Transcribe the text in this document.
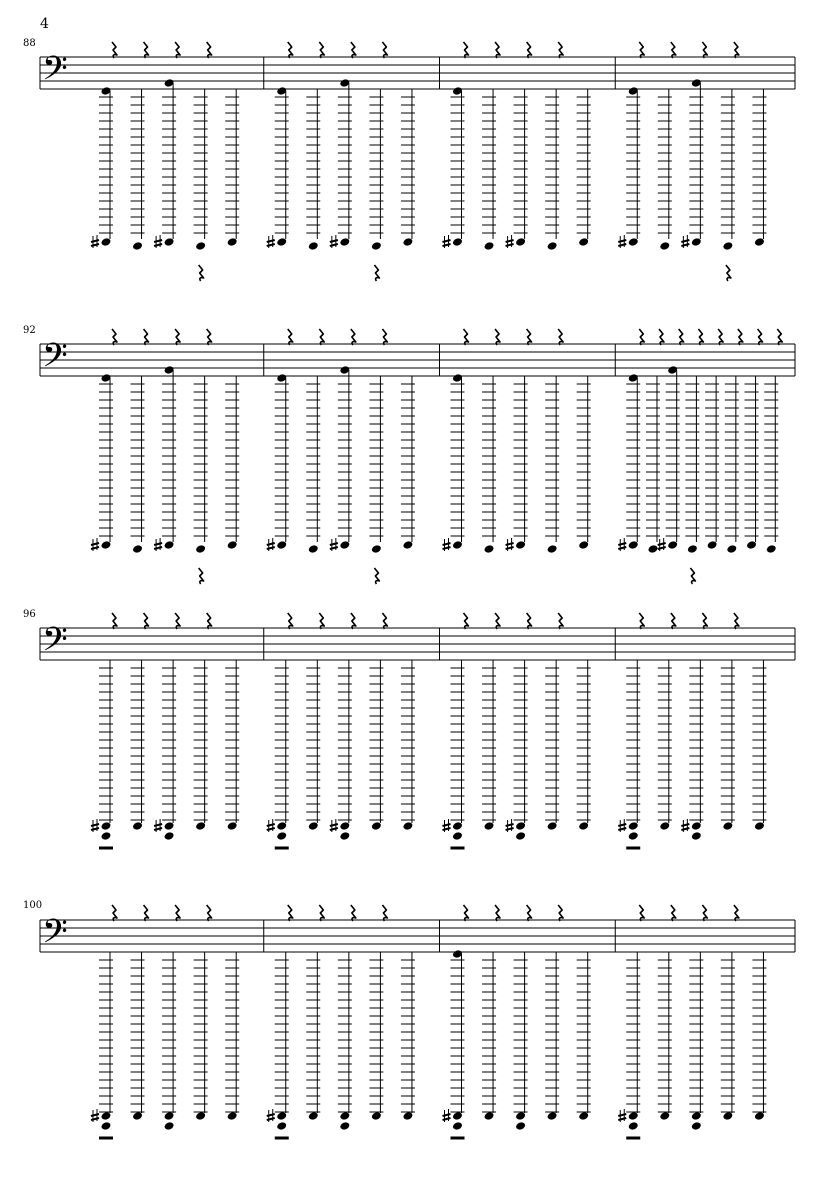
4
88
92
96
100
𝄢
𝄢
𝄢
𝄢
